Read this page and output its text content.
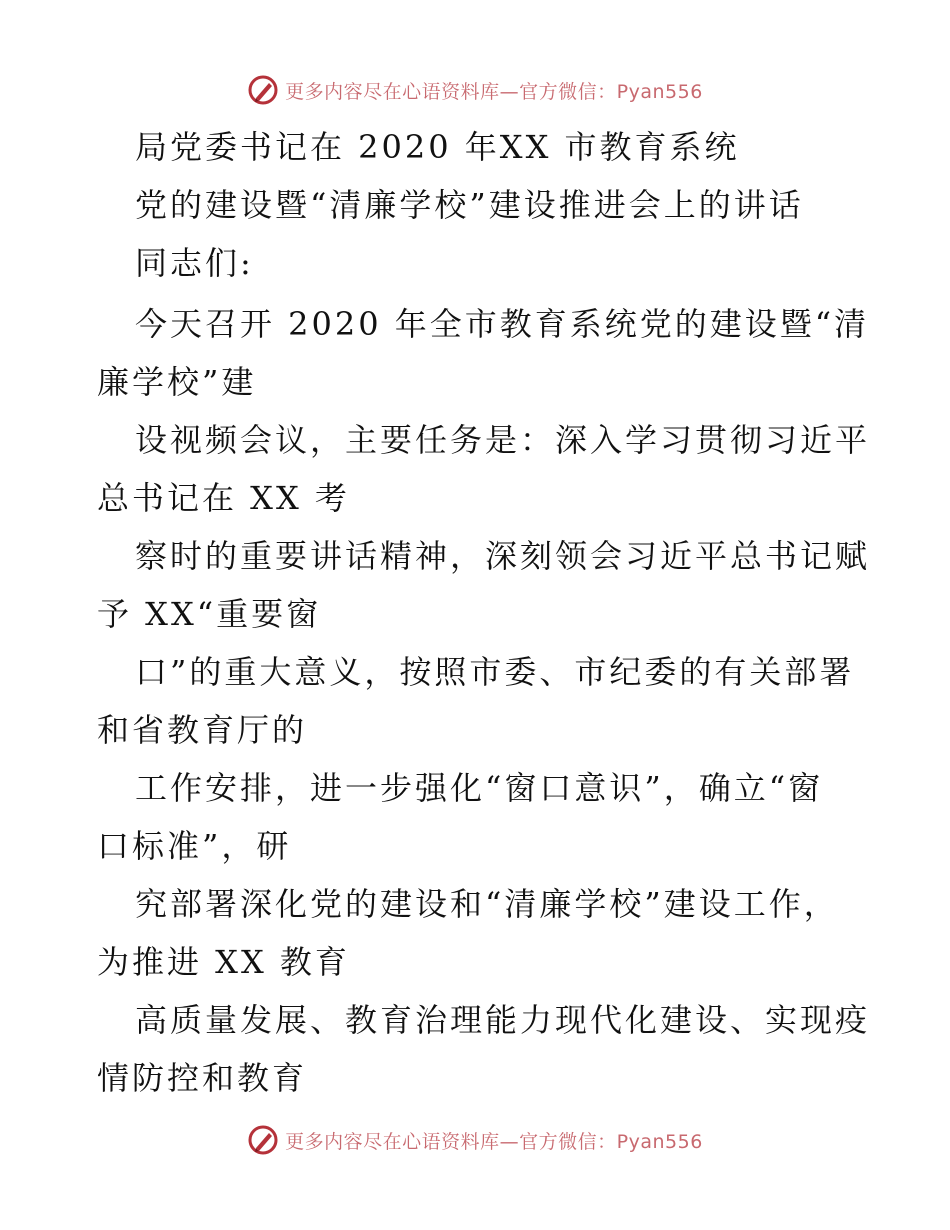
更多内容尽在心语资料库—官方微信：Pyan556
局党委书记在 2020 年XX 市教育系统
党的建设暨“清廉学校”建设推进会上的讲话
同志们:
今天召开 2020 年全市教育系统党的建设暨“清
廉学校”建
设视频会议，主要任务是：深入学习贯彻习近平
总书记在 XX 考
察时的重要讲话精神，深刻领会习近平总书记赋
予 XX“重要窗
口”的重大意义，按照市委、市纪委的有关部署
和省教育厅的
工作安排，进一步强化“窗口意识”，确立“窗
口标准”，研
究部署深化党的建设和“清廉学校”建设工作，
为推进 XX 教育
高质量发展、教育治理能力现代化建设、实现疫
情防控和教育
更多内容尽在心语资料库—官方微信：Pyan556
